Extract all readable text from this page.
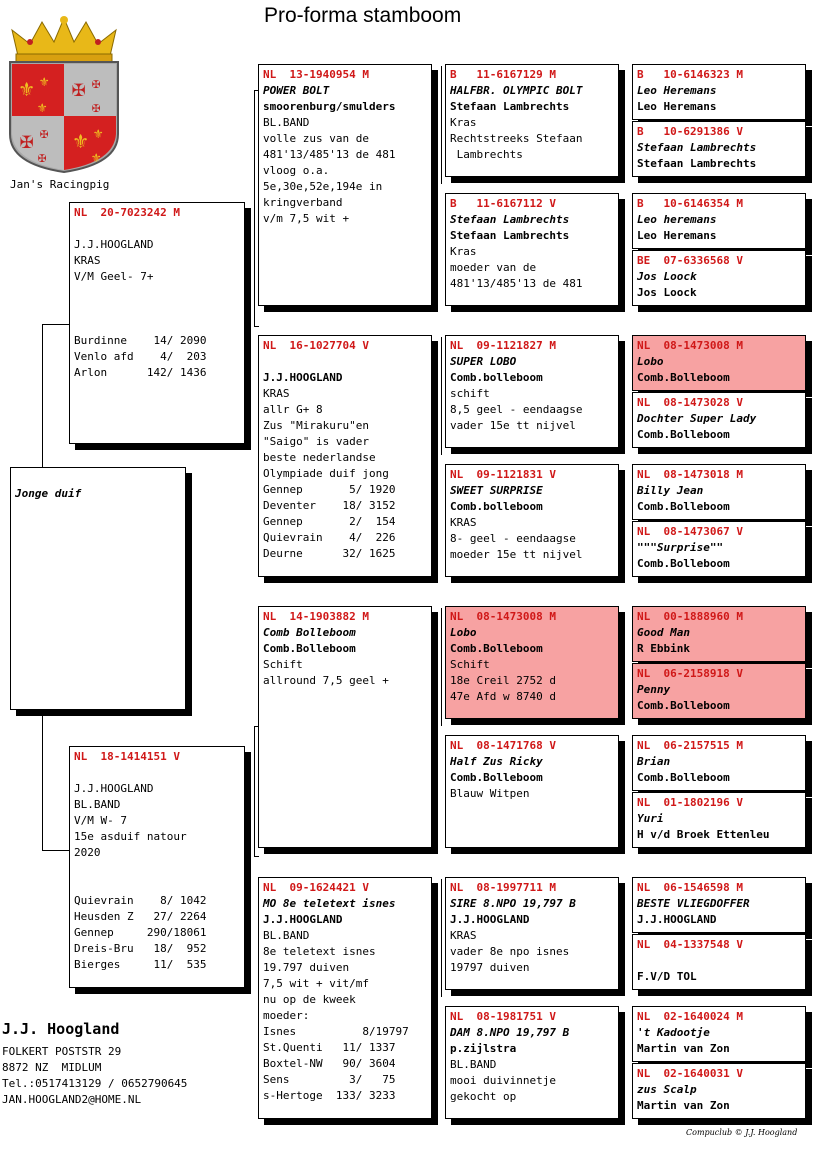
Pro-forma stamboom
⚜ ⚜
⚜
⚜ ⚜
⚜
✠ ✠
✠
✠ ✠
✠
Jan's Racingpig
Jonge duif
NL  20-7023242 M

J.J.HOOGLAND
KRAS
V/M Geel- 7+

Burdinne    14/ 2090
Venlo afd    4/  203
Arlon      142/ 1436
NL  18-1414151 V

J.J.HOOGLAND
BL.BAND
V/M W- 7
15e asduif natour
2020

Quievrain    8/ 1042
Heusden Z   27/ 2264
Gennep     290/18061
Dreis-Bru   18/  952
Bierges     11/  535
NL  13-1940954 M
POWER BOLT
smoorenburg/smulders
BL.BAND
volle zus van de
481'13/485'13 de 481
vloog o.a.
5e,30e,52e,194e in
kringverband
v/m 7,5 wit +
NL  16-1027704 V

J.J.HOOGLAND
KRAS
allr G+ 8
Zus "Mirakuru"en
"Saigo" is vader
beste nederlandse
Olympiade duif jong
Gennep       5/ 1920
Deventer    18/ 3152
Gennep       2/  154
Quievrain    4/  226
Deurne      32/ 1625
NL  14-1903882 M
Comb Bolleboom
Comb.Bolleboom
Schift
allround 7,5 geel +
NL  09-1624421 V
MO 8e teletext isnes
J.J.HOOGLAND
BL.BAND
8e teletext isnes
19.797 duiven
7,5 wit + vit/mf
nu op de kweek
moeder:
Isnes          8/19797
St.Quenti   11/ 1337
Boxtel-NW   90/ 3604
Sens         3/   75
s-Hertoge  133/ 3233
B   11-6167129 M
HALFBR. OLYMPIC BOLT
Stefaan Lambrechts
Kras
Rechtstreeks Stefaan
Lambrechts
B   11-6167112 V
Stefaan Lambrechts
Stefaan Lambrechts
Kras
moeder van de
481'13/485'13 de 481
NL  09-1121827 M
SUPER LOBO
Comb.bolleboom
schift
8,5 geel - eendaagse
vader 15e tt nijvel
NL  09-1121831 V
SWEET SURPRISE
Comb.bolleboom
KRAS
8- geel - eendaagse
moeder 15e tt nijvel
NL  08-1473008 M
Lobo
Comb.Bolleboom
Schift
18e Creil 2752 d
47e Afd w 8740 d
NL  08-1471768 V
Half Zus Ricky
Comb.Bolleboom
Blauw Witpen
NL  08-1997711 M
SIRE 8.NPO 19,797 B
J.J.HOOGLAND
KRAS
vader 8e npo isnes
19797 duiven
NL  08-1981751 V
DAM 8.NPO 19,797 B
p.zijlstra
BL.BAND
mooi duivinnetje
gekocht op
B   10-6146323 M
Leo Heremans
Leo Heremans
B   10-6291386 V
Stefaan Lambrechts
Stefaan Lambrechts
B   10-6146354 M
Leo heremans
Leo Heremans
BE  07-6336568 V
Jos Loock
Jos Loock
NL  08-1473008 M
Lobo
Comb.Bolleboom
NL  08-1473028 V
Dochter Super Lady
Comb.Bolleboom
NL  08-1473018 M
Billy Jean
Comb.Bolleboom
NL  08-1473067 V
"""Surprise""
Comb.Bolleboom
NL  00-1888960 M
Good Man
R Ebbink
NL  06-2158918 V
Penny
Comb.Bolleboom
NL  06-2157515 M
Brian
Comb.Bolleboom
NL  01-1802196 V
Yuri
H v/d Broek Ettenleu
NL  06-1546598 M
BESTE VLIEGDOFFER
J.J.HOOGLAND
NL  04-1337548 V

F.V/D TOL
NL  02-1640024 M
't Kadootje
Martin van Zon
NL  02-1640031 V
zus Scalp
Martin van Zon
J.J. Hoogland
FOLKERT POSTSTR 29
8872 NZ  MIDLUM
Tel.:0517413129 / 0652790645
JAN.HOOGLAND2@HOME.NL
Compuclub © J.J. Hoogland
